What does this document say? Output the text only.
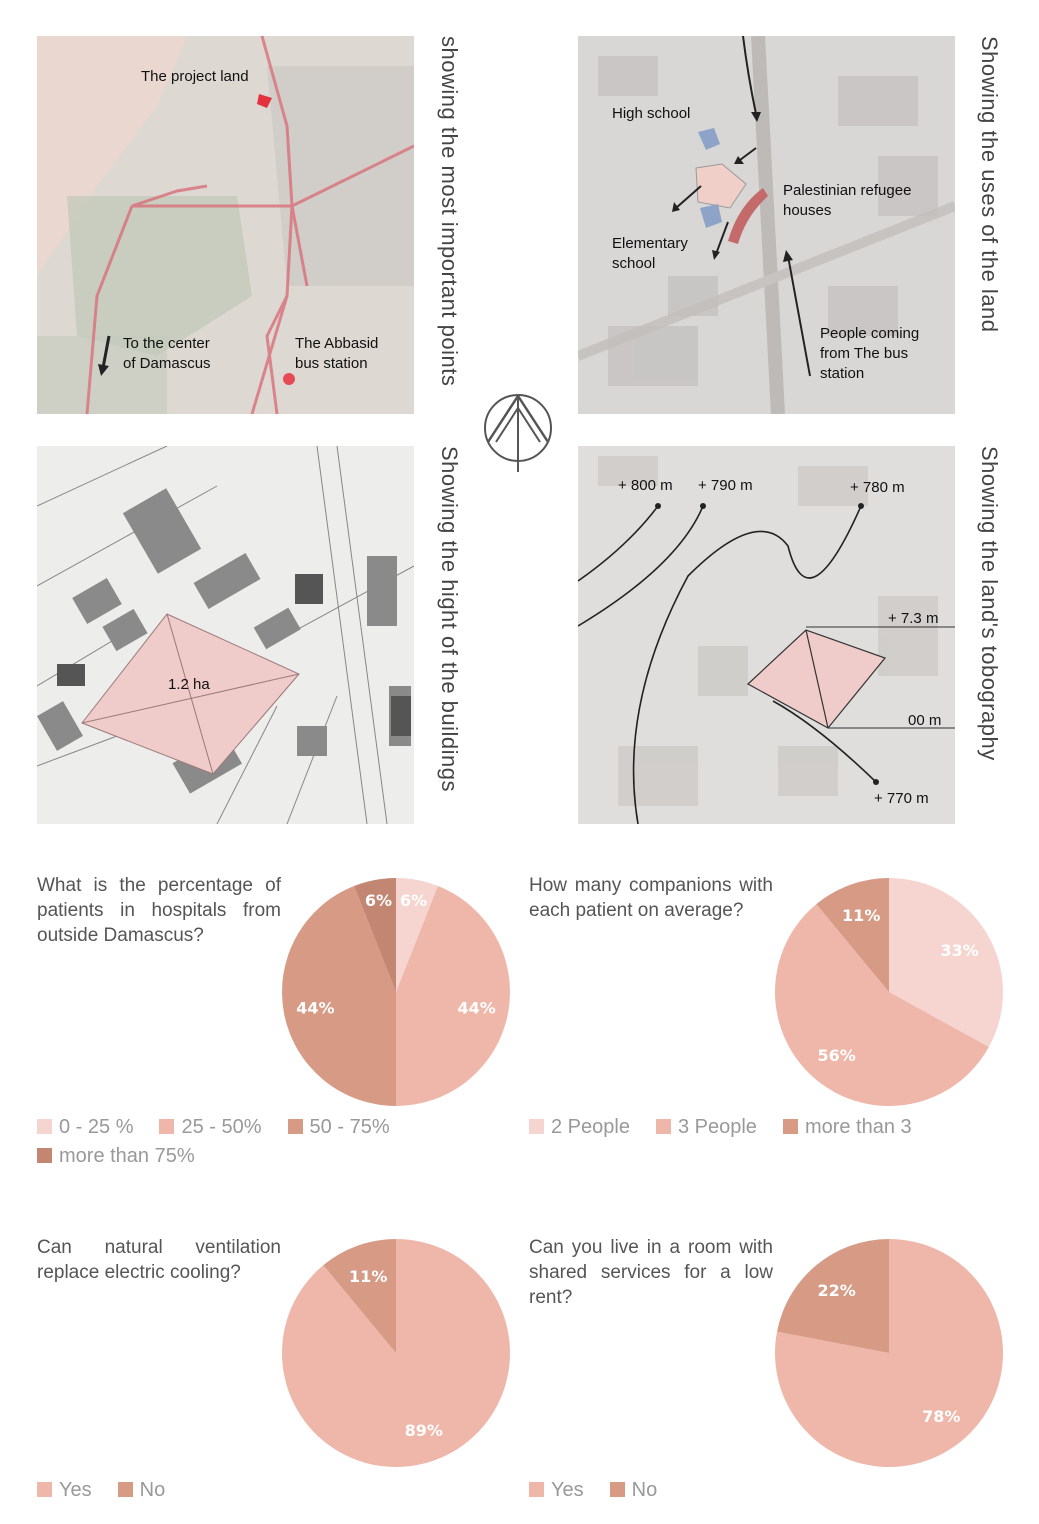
The project land
To the center
of Damascus
The Abbasid
bus station	showing the most important points	High school
Palestinian refugee
houses
Elementary
school
People coming
from The bus
station
Showing the uses of the land
1.2 ha	Showing the hight of the buildings	+ 800 m + 790 m	+ 780 m
+ 7.3 m
00 m
+ 770 m
Showing the land's tobography
What is the percentage of patients in hospitals from outside Damascus?
6%
44%
44%
6%
0 - 25 % 25 - 50% 50 - 75%more than 75%
How many companions with each patient on average?
33%
56%
11%
2 People 3 People more than 3
Can natural ventilation replace electric cooling?
89%
11%
Yes No
Can you live in a room with shared services for a low rent?
78%
22%
Yes No
